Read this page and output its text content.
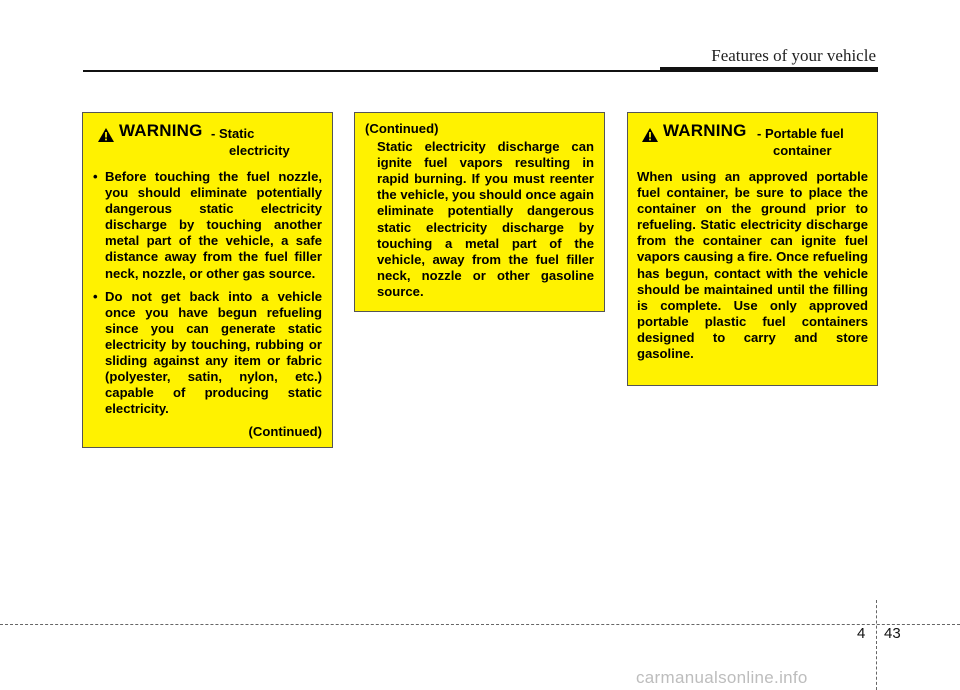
Features of your vehicle
WARNING - Static
electricity
• Before touching the fuel nozzle, you should eliminate potentially dangerous static electricity discharge by touching another metal part of the vehicle, a safe distance away from the fuel filler neck, nozzle, or other gas source.
• Do not get back into a vehicle once you have begun refueling since you can generate static electricity by touching, rubbing or sliding against any item or fabric (polyester, satin, nylon, etc.) capable of producing static electricity.
(Continued)
(Continued)
Static electricity discharge can ignite fuel vapors resulting in rapid burning. If you must reenter the vehicle, you should once again eliminate potentially dangerous static electricity discharge by touching a metal part of the vehicle, away from the fuel filler neck, nozzle or other gasoline source.
WARNING - Portable fuel
container
When using an approved portable fuel container, be sure to place the container on the ground prior to refueling. Static electricity discharge from the container can ignite fuel vapors causing a fire. Once refueling has begun, contact with the vehicle should be maintained until the filling is complete. Use only approved portable plastic fuel containers designed to carry and store gasoline.
4 43
carmanualsonline.info
